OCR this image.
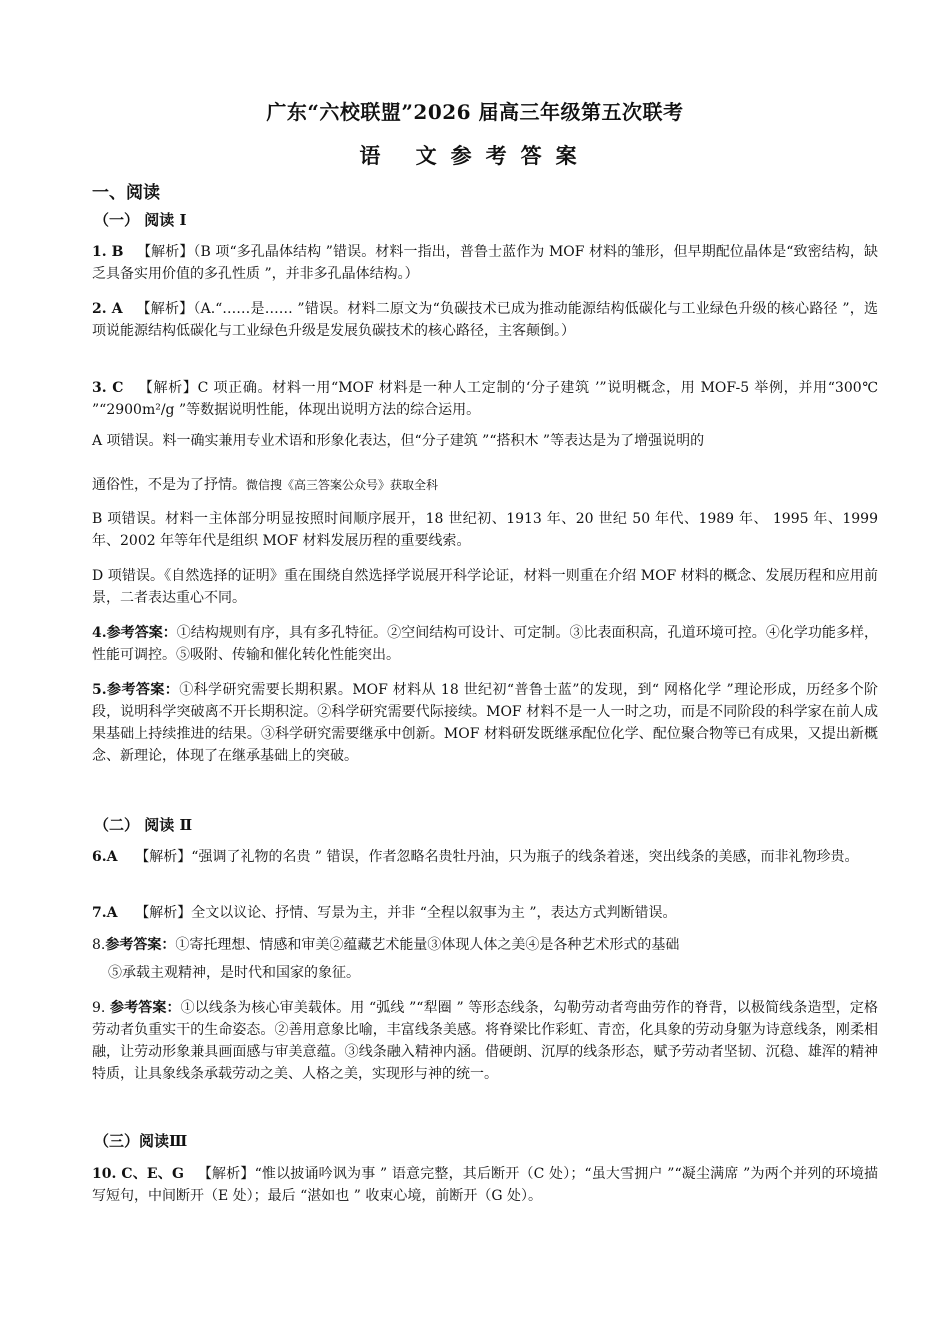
广东“六校联盟”2026 届高三年级第五次联考
语 文参考答案
一、阅读
（一） 阅读 I
1. B 【解析】（B 项“多孔晶体结构 ”错误。材料一指出，普鲁士蓝作为 MOF 材料的雏形，但早期配位晶体是“致密结构，缺乏具备实用价值的多孔性质 ”，并非多孔晶体结构。）
2. A 【解析】（A.“……是…… ”错误。材料二原文为“负碳技术已成为推动能源结构低碳化与工业绿色升级的核心路径 ”，选项说能源结构低碳化与工业绿色升级是发展负碳技术的核心路径，主客颠倒。）
3. C 【解析】C 项正确。材料一用“MOF 材料是一种人工定制的‘分子建筑 ’”说明概念，用 MOF-5 举例，并用“300℃ ”“2900m²/g ”等数据说明性能，体现出说明方法的综合运用。
A 项错误。料一确实兼用专业术语和形象化表达，但“分子建筑 ”“搭积木 ”等表达是为了增强说明的
通俗性，不是为了抒情。微信搜《高三答案公众号》获取全科
B 项错误。材料一主体部分明显按照时间顺序展开，18 世纪初、1913 年、20 世纪 50 年代、1989 年、 1995 年、1999 年、2002 年等年代是组织 MOF 材料发展历程的重要线索。
D 项错误。《自然选择的证明》重在围绕自然选择学说展开科学论证，材料一则重在介绍 MOF 材料的概念、发展历程和应用前景，二者表达重心不同。
4.参考答案：①结构规则有序，具有多孔特征。②空间结构可设计、可定制。③比表面积高，孔道环境可控。④化学功能多样，性能可调控。⑤吸附、传输和催化转化性能突出。
5.参考答案：①科学研究需要长期积累。MOF 材料从 18 世纪初“普鲁士蓝”的发现，到“ 网格化学 ”理论形成，历经多个阶段，说明科学突破离不开长期积淀。②科学研究需要代际接续。MOF 材料不是一人一时之功，而是不同阶段的科学家在前人成果基础上持续推进的结果。③科学研究需要继承中创新。MOF 材料研发既继承配位化学、配位聚合物等已有成果，又提出新概念、新理论，体现了在继承基础上的突破。
（二） 阅读 Ⅱ
6.A 【解析】“强调了礼物的名贵 ” 错误，作者忽略名贵牡丹油，只为瓶子的线条着迷，突出线条的美感，而非礼物珍贵。
7.A 【解析】全文以议论、抒情、写景为主，并非 “全程以叙事为主 ”，表达方式判断错误。
8.参考答案：①寄托理想、情感和审美②蕴藏艺术能量③体现人体之美④是各种艺术形式的基础
⑤承载主观精神，是时代和国家的象征。
9. 参考答案：①以线条为核心审美载体。用 “弧线 ”“犁圈 ” 等形态线条，勾勒劳动者弯曲劳作的脊背，以极简线条造型，定格劳动者负重实干的生命姿态。②善用意象比喻，丰富线条美感。将脊梁比作彩虹、青峦，化具象的劳动身躯为诗意线条，刚柔相融，让劳动形象兼具画面感与审美意蕴。③线条融入精神内涵。借硬朗、沉厚的线条形态，赋予劳动者坚韧、沉稳、雄浑的精神特质，让具象线条承载劳动之美、人格之美，实现形与神的统一。
（三）阅读Ⅲ
10. C、E、G 【解析】“惟以披诵吟讽为事 ” 语意完整，其后断开（C 处）；“虽大雪拥户 ”“凝尘满席 ”为两个并列的环境描写短句，中间断开（E 处）；最后 “湛如也 ” 收束心境，前断开（G 处）。
